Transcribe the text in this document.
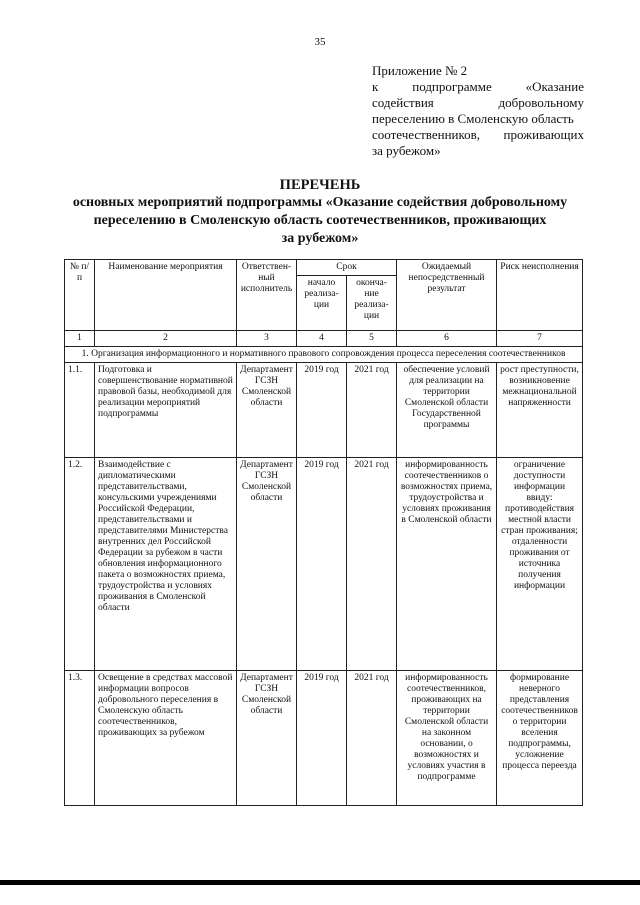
35
Приложение № 2
к	подпрограмме	«Оказание
содействия	добровольному
переселению в Смоленскую область
соотечественников, проживающих
за рубежом»
ПЕРЕЧЕНЬ
основных мероприятий подпрограммы «Оказание содействия добровольному
переселению в Смоленскую область соотечественников, проживающих
за рубежом»
№ п/п	Наименование мероприятия	Ответствен-ный исполнитель	Срок		Ожидаемый непосредственный результат	Риск неисполнения
			начало реализа-ции	оконча-ние реализа-ции		
1	2	3	4	5	6	7
1. Организация информационного и нормативного правового сопровождения процесса переселения соотечественников						
1.1.	Подготовка и совершенствование нормативной правовой базы, необходимой для реализации мероприятий подпрограммы	Департамент ГСЗН Смоленской области	2019 год	2021 год	обеспечение условий для реализации на территории Смоленской области Государственной программы	рост преступности, возникновение межнациональной напряженности
1.2.	Взаимодействие с дипломатическими представительствами, консульскими учреждениями Российской Федерации, представительствами и представителями Министерства внутренних дел Российской Федерации за рубежом в части обновления информационного пакета о возможностях приема, трудоустройства и условиях проживания в Смоленской области	Департамент ГСЗН Смоленской области	2019 год	2021 год	информированность соотечественников о возможностях приема, трудоустройства и условиях проживания в Смоленской области	ограничение доступности информации ввиду: противодействия местной власти стран проживания; отдаленности проживания от источника получения информации
1.3.	Освещение в средствах массовой информации вопросов добровольного переселения в Смоленскую область соотечественников, проживающих за рубежом	Департамент ГСЗН Смоленской области	2019 год	2021 год	информированность соотечественников, проживающих на территории Смоленской области на законном основании, о возможностях и условиях участия в подпрограмме	формирование неверного представления соотечественников о территории вселения подпрограммы, усложнение процесса переезда
